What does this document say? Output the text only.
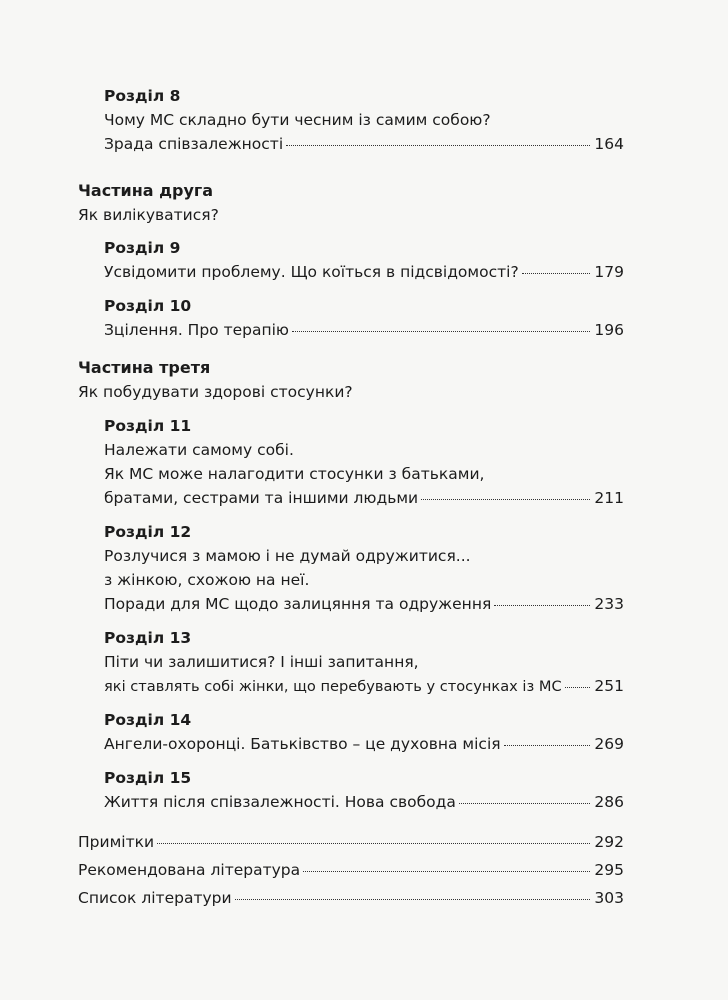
Розділ 8
Чому МС складно бути чесним із самим собою?
Зрада співзалежності	164
Частина друга
Як вилікуватися?
Розділ 9
Усвідомити проблему. Що коїться в підсвідомості?	179
Розділ 10
Зцілення. Про терапію	196
Частина третя
Як побудувати здорові стосунки?
Розділ 11
Належати самому собі.
Як МС може налагодити стосунки з батьками,
братами, сестрами та іншими людьми	211
Розділ 12
Розлучися з мамою і не думай одружитися...
з жінкою, схожою на неї.
Поради для МС щодо залицяння та одруження	233
Розділ 13
Піти чи залишитися? І інші запитання,
які ставлять собі жінки, що перебувають у стосунках із МС 251
Розділ 14
Ангели-охоронці. Батьківство – це духовна місія	269
Розділ 15
Життя після співзалежності. Нова свобода	286
Примітки	292
Рекомендована література	295
Список літератури	303
